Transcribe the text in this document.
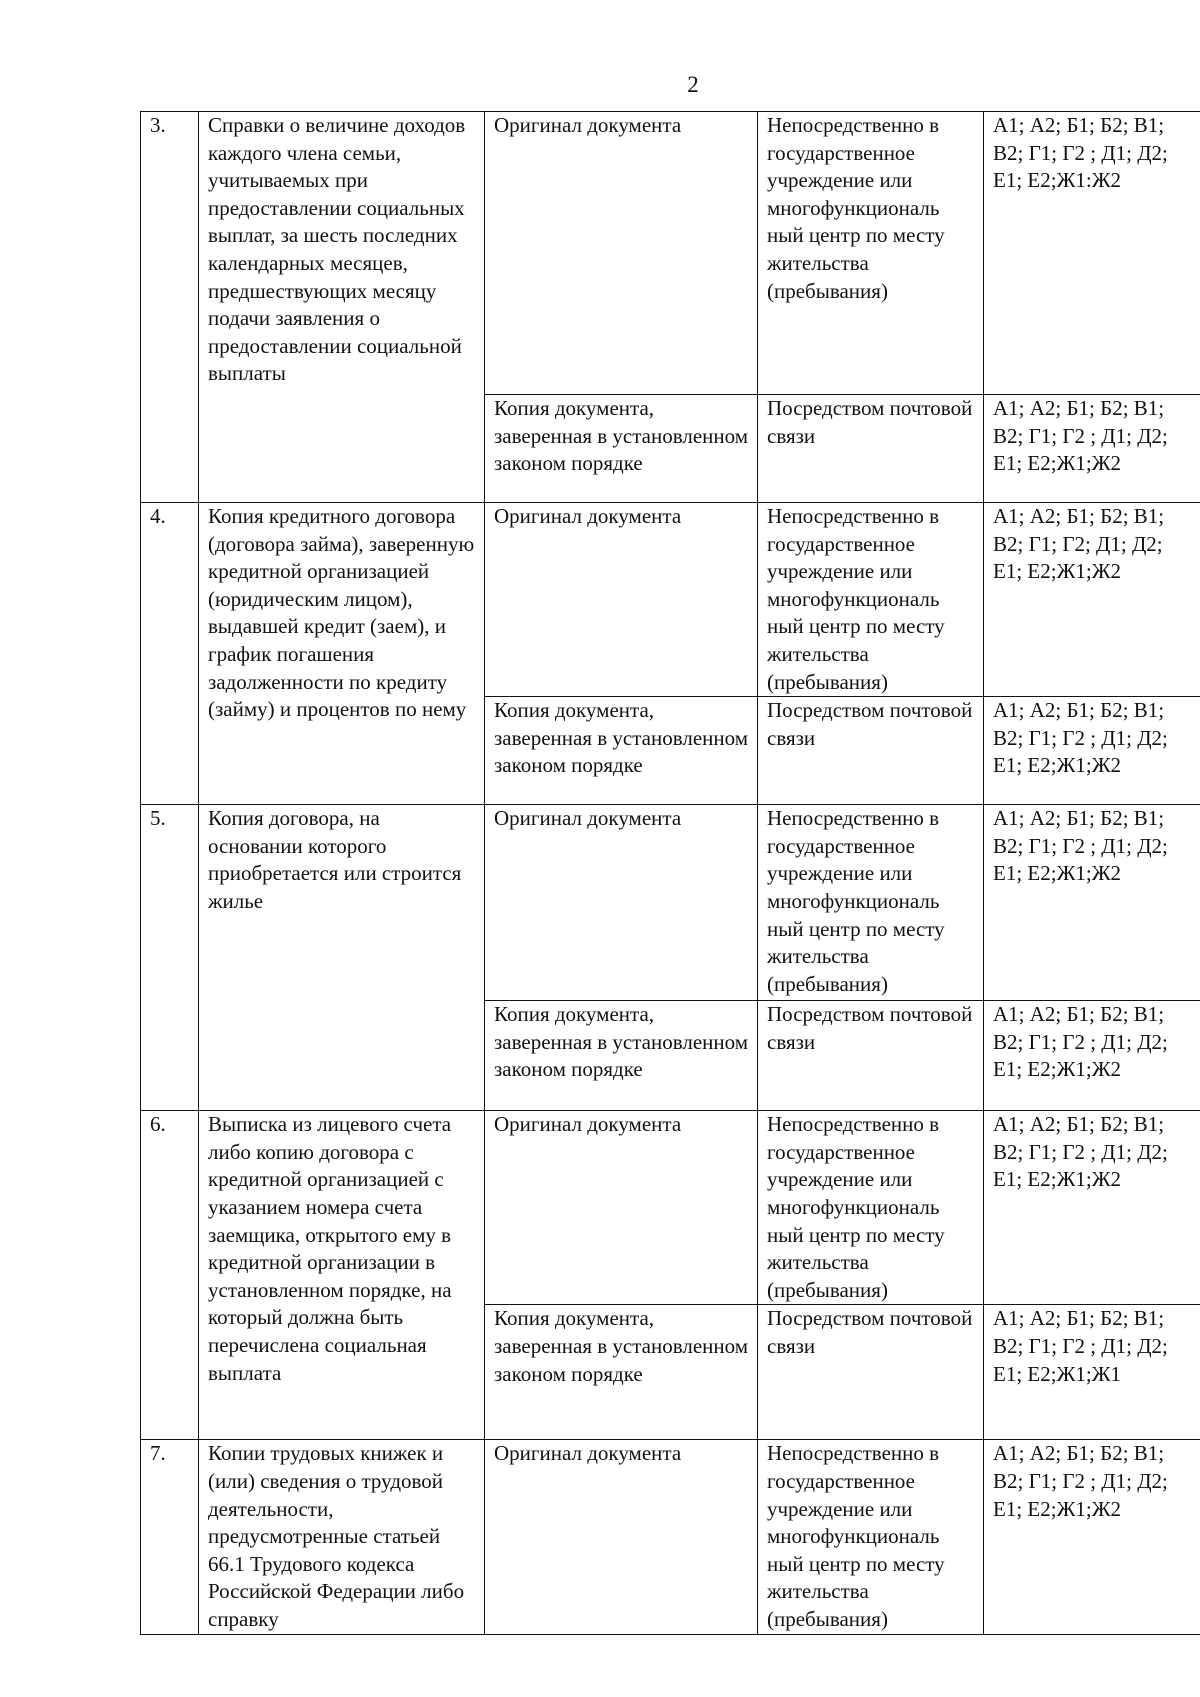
2
3.	Справки о величине доходов каждого члена семьи, учитываемых при предоставлении социальных выплат, за шесть последних календарных месяцев, предшествующих месяцу подачи заявления о предоставлении социальной выплаты	Оригинал документа	Непосредственно в государственное учреждение или многофункциональ ный центр по месту жительства (пребывания)	А1; А2; Б1; Б2; В1; В2; Г1; Г2 ; Д1; Д2; Е1; Е2;Ж1:Ж2
		Копия документа, заверенная в установленном законом порядке	Посредством почтовой связи	А1; А2; Б1; Б2; В1; В2; Г1; Г2 ; Д1; Д2; Е1; Е2;Ж1;Ж2
4.	Копия кредитного договора (договора займа), заверенную кредитной организацией (юридическим лицом), выдавшей кредит (заем), и график погашения задолженности по кредиту (займу) и процентов по нему	Оригинал документа	Непосредственно в государственное учреждение или многофункциональ ный центр по месту жительства (пребывания)	А1; А2; Б1; Б2; В1; В2; Г1; Г2; Д1; Д2; Е1; Е2;Ж1;Ж2
		Копия документа, заверенная в установленном законом порядке	Посредством почтовой связи	А1; А2; Б1; Б2; В1; В2; Г1; Г2 ; Д1; Д2; Е1; Е2;Ж1;Ж2
5.	Копия договора, на основании которого приобретается или строится жилье	Оригинал документа	Непосредственно в государственное учреждение или многофункциональ ный центр по месту жительства (пребывания)	А1; А2; Б1; Б2; В1; В2; Г1; Г2 ; Д1; Д2; Е1; Е2;Ж1;Ж2
		Копия документа, заверенная в установленном законом порядке	Посредством почтовой связи	А1; А2; Б1; Б2; В1; В2; Г1; Г2 ; Д1; Д2; Е1; Е2;Ж1;Ж2
6.	Выписка из лицевого счета либо копию договора с кредитной организацией с указанием номера счета заемщика, открытого ему в кредитной организации в установленном порядке, на который должна быть перечислена социальная выплата	Оригинал документа	Непосредственно в государственное учреждение или многофункциональ ный центр по месту жительства (пребывания)	А1; А2; Б1; Б2; В1; В2; Г1; Г2 ; Д1; Д2; Е1; Е2;Ж1;Ж2
		Копия документа, заверенная в установленном законом порядке	Посредством почтовой связи	А1; А2; Б1; Б2; В1; В2; Г1; Г2 ; Д1; Д2; Е1; Е2;Ж1;Ж1
7.	Копии трудовых книжек и (или) сведения о трудовой деятельности, предусмотренные статьей 66.1 Трудового кодекса Российской Федерации либо справку	Оригинал документа	Непосредственно в государственное учреждение или многофункциональ ный центр по месту жительства (пребывания)	А1; А2; Б1; Б2; В1; В2; Г1; Г2 ; Д1; Д2; Е1; Е2;Ж1;Ж2
